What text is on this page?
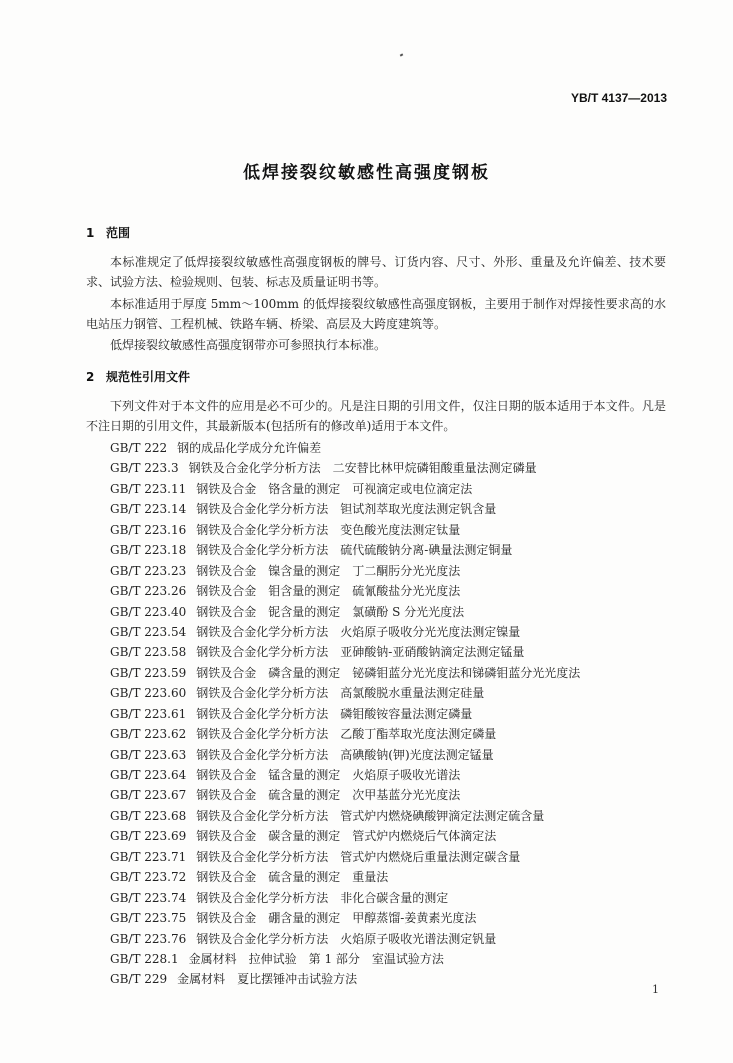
YB/T 4137—2013
低焊接裂纹敏感性高强度钢板
1 范围
本标准规定了低焊接裂纹敏感性高强度钢板的牌号、订货内容、尺寸、外形、重量及允许偏差、技术要求、试验方法、检验规则、包装、标志及质量证明书等。
本标准适用于厚度 5mm～100mm 的低焊接裂纹敏感性高强度钢板，主要用于制作对焊接性要求高的水电站压力钢管、工程机械、铁路车辆、桥梁、高层及大跨度建筑等。
低焊接裂纹敏感性高强度钢带亦可参照执行本标准。
2 规范性引用文件
下列文件对于本文件的应用是必不可少的。凡是注日期的引用文件，仅注日期的版本适用于本文件。凡是不注日期的引用文件，其最新版本(包括所有的修改单)适用于本文件。
GB/T 222 钢的成品化学成分允许偏差
GB/T 223.3 钢铁及合金化学分析方法　二安替比林甲烷磷钼酸重量法测定磷量
GB/T 223.11 钢铁及合金　铬含量的测定　可视滴定或电位滴定法
GB/T 223.14 钢铁及合金化学分析方法　钽试剂萃取光度法测定钒含量
GB/T 223.16 钢铁及合金化学分析方法　变色酸光度法测定钛量
GB/T 223.18 钢铁及合金化学分析方法　硫代硫酸钠分离-碘量法测定铜量
GB/T 223.23 钢铁及合金　镍含量的测定　丁二酮肟分光光度法
GB/T 223.26 钢铁及合金　钼含量的测定　硫氰酸盐分光光度法
GB/T 223.40 钢铁及合金　铌含量的测定　氯磺酚 S 分光光度法
GB/T 223.54 钢铁及合金化学分析方法　火焰原子吸收分光光度法测定镍量
GB/T 223.58 钢铁及合金化学分析方法　亚砷酸钠-亚硝酸钠滴定法测定锰量
GB/T 223.59 钢铁及合金　磷含量的测定　铋磷钼蓝分光光度法和锑磷钼蓝分光光度法
GB/T 223.60 钢铁及合金化学分析方法　高氯酸脱水重量法测定硅量
GB/T 223.61 钢铁及合金化学分析方法　磷钼酸铵容量法测定磷量
GB/T 223.62 钢铁及合金化学分析方法　乙酸丁酯萃取光度法测定磷量
GB/T 223.63 钢铁及合金化学分析方法　高碘酸钠(钾)光度法测定锰量
GB/T 223.64 钢铁及合金　锰含量的测定　火焰原子吸收光谱法
GB/T 223.67 钢铁及合金　硫含量的测定　次甲基蓝分光光度法
GB/T 223.68 钢铁及合金化学分析方法　管式炉内燃烧碘酸钾滴定法测定硫含量
GB/T 223.69 钢铁及合金　碳含量的测定　管式炉内燃烧后气体滴定法
GB/T 223.71 钢铁及合金化学分析方法　管式炉内燃烧后重量法测定碳含量
GB/T 223.72 钢铁及合金　硫含量的测定　重量法
GB/T 223.74 钢铁及合金化学分析方法　非化合碳含量的测定
GB/T 223.75 钢铁及合金　硼含量的测定　甲醇蒸馏-姜黄素光度法
GB/T 223.76 钢铁及合金化学分析方法　火焰原子吸收光谱法测定钒量
GB/T 228.1 金属材料　拉伸试验　第 1 部分　室温试验方法
GB/T 229 金属材料　夏比摆锤冲击试验方法
1
